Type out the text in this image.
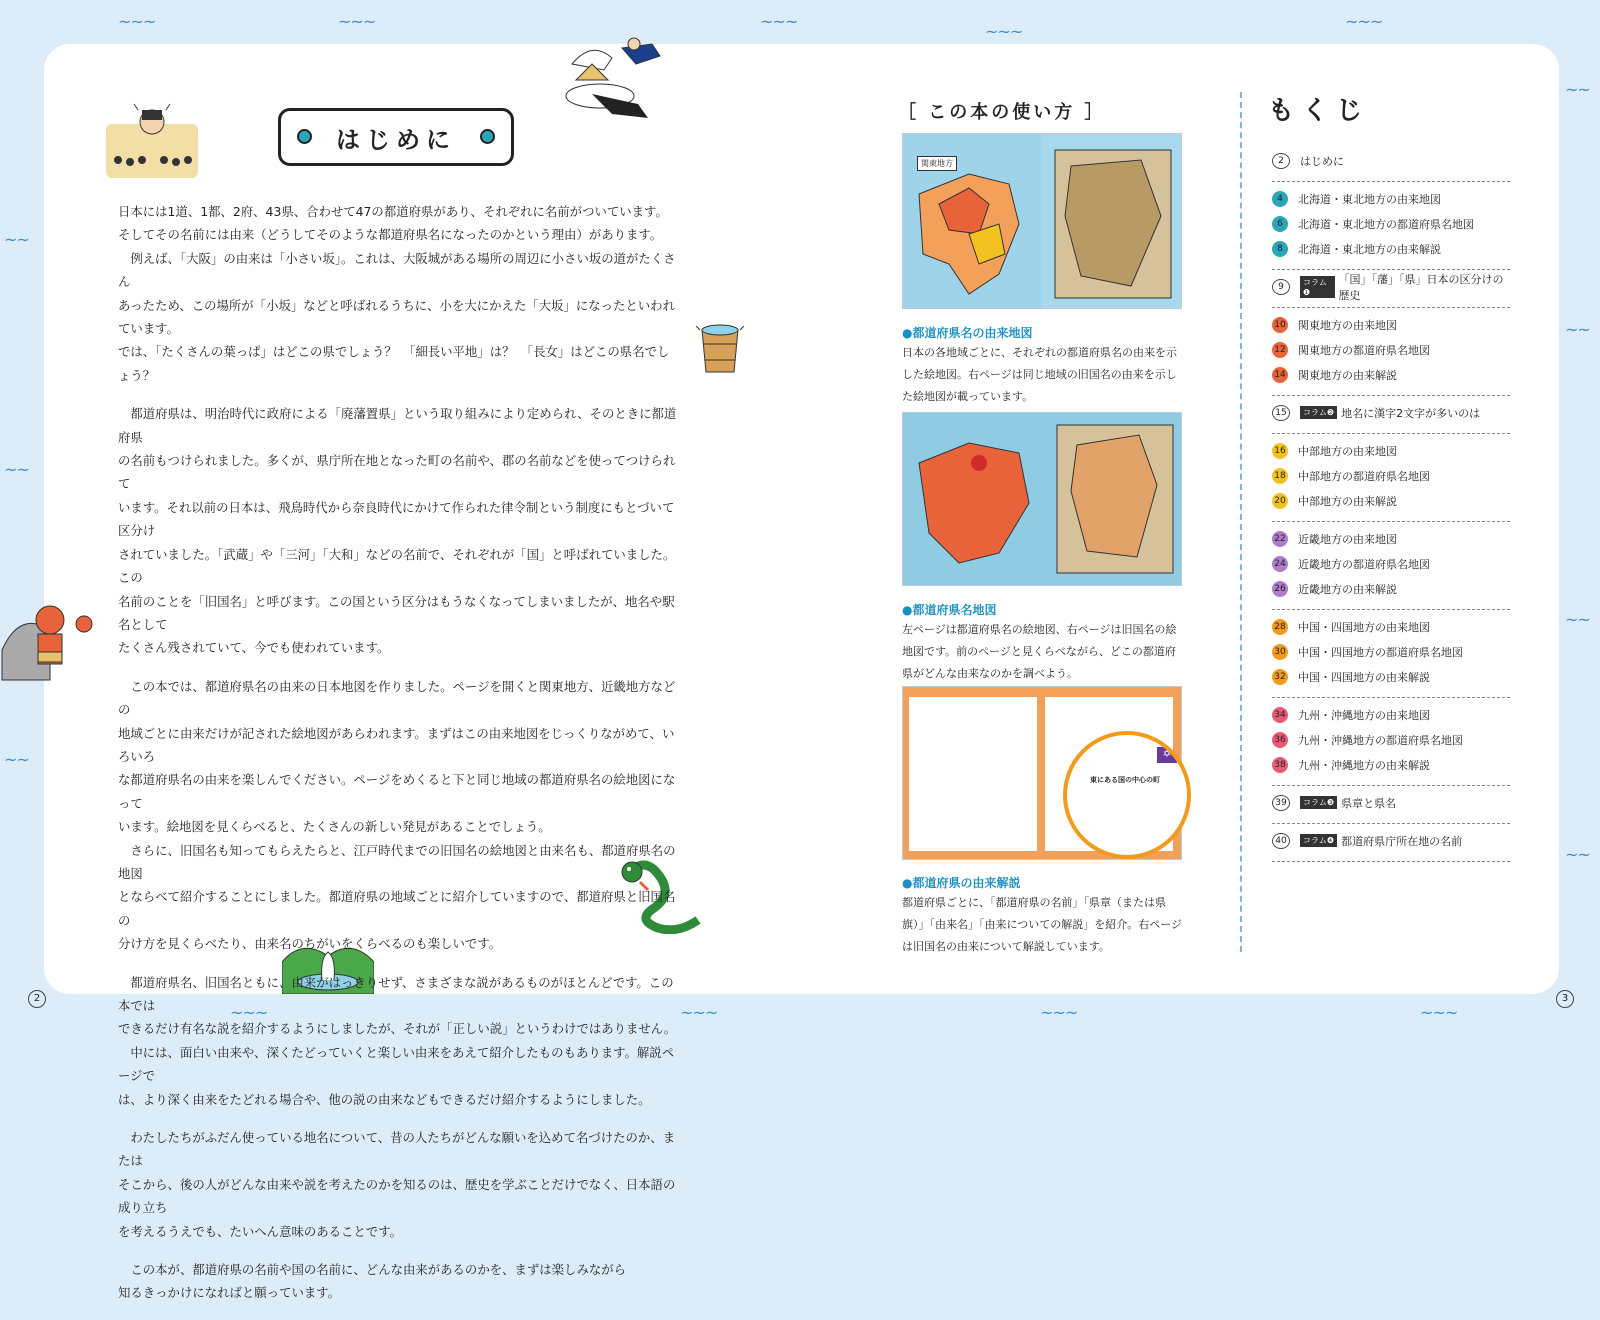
~~~	~~~	~~~
~~~
~~~
~~
~~
~~
~~
~~
~~
~~
~~~	~~~	~~~	~~~
2	3
はじめに

日本には1道、1都、2府、43県、合わせて47の都道府県があり、それぞれに名前がついています。
そしてその名前には由来（どうしてそのような都道府県名になったのかという理由）があります。
　例えば、「大阪」の由来は「小さい坂」。これは、大阪城がある場所の周辺に小さい坂の道がたくさん
あったため、この場所が「小坂」などと呼ばれるうちに、小を大にかえた「大坂」になったといわれています。
では、「たくさんの葉っぱ」はどこの県でしょう？　「細長い平地」は？　「長女」はどこの県名でしょう？

　都道府県は、明治時代に政府による「廃藩置県」という取り組みにより定められ、そのときに都道府県
の名前もつけられました。多くが、県庁所在地となった町の名前や、郡の名前などを使ってつけられて
います。それ以前の日本は、飛鳥時代から奈良時代にかけて作られた律令制という制度にもとづいて区分け
されていました。「武蔵」や「三河」「大和」などの名前で、それぞれが「国」と呼ばれていました。この
名前のことを「旧国名」と呼びます。この国という区分はもうなくなってしまいましたが、地名や駅名として
たくさん残されていて、今でも使われています。

　この本では、都道府県名の由来の日本地図を作りました。ページを開くと関東地方、近畿地方などの
地域ごとに由来だけが記された絵地図があらわれます。まずはこの由来地図をじっくりながめて、いろいろ
な都道府県名の由来を楽しんでください。ページをめくると下と同じ地域の都道府県名の絵地図になって
います。絵地図を見くらべると、たくさんの新しい発見があることでしょう。
　さらに、旧国名も知ってもらえたらと、江戸時代までの旧国名の絵地図と由来名も、都道府県名の地図
とならべて紹介することにしました。都道府県の地域ごとに紹介していますので、都道府県と旧国名の
分け方を見くらべたり、由来名のちがいをくらべるのも楽しいです。

　都道府県名、旧国名ともに、由来がはっきりせず、さまざまな説があるものがほとんどです。この本では
できるだけ有名な説を紹介するようにしましたが、それが「正しい説」というわけではありません。
　中には、面白い由来や、深くたどっていくと楽しい由来をあえて紹介したものもあります。解説ページで
は、より深く由来をたどれる場合や、他の説の由来などもできるだけ紹介するようにしました。

　わたしたちがふだん使っている地名について、昔の人たちがどんな願いを込めて名づけたのか、または
そこから、後の人がどんな由来や説を考えたのかを知るのは、歴史を学ぶことだけでなく、日本語の成り立ち
を考えるうえでも、たいへん意味のあることです。

　この本が、都道府県の名前や国の名前に、どんな由来があるのかを、まずは楽しみながら
知るきっかけになればと願っています。

［ この本の使い方 ］
関東地方
●都道府県名の由来地図
日本の各地域ごとに、それぞれの都道府県名の由来を示した絵地図。右ページは同じ地域の旧国名の由来を示した絵地図が載っています。
●都道府県名地図
左ページは都道府県名の絵地図、右ページは旧国名の絵地図です。前のページと見くらべながら、どこの都道府県がどんな由来なのかを調べよう。
東にある国の中心の町
✡
●都道府県の由来解説
都道府県ごとに、「都道府県の名前」「県章（または県旗）」「由来名」「由来についての解説」を紹介。右ページは旧国名の由来について解説しています。
もくじ
2	はじめに
4	北海道・東北地方の由来地図
6	北海道・東北地方の都道府県名地図
8	北海道・東北地方の由来解説
9	コラム❶
「国」「藩」「県」日本の区分けの歴史
10 関東地方の由来地図
12 関東地方の都道府県名地図
14 関東地方の由来解説
15	コラム❷ 地名に漢字2文字が多いのは
16 中部地方の由来地図
18 中部地方の都道府県名地図
20 中部地方の由来解説
22 近畿地方の由来地図
24 近畿地方の都道府県名地図
26 近畿地方の由来解説
28 中国・四国地方の由来地図
30 中国・四国地方の都道府県名地図
32 中国・四国地方の由来解説
34 九州・沖縄地方の由来地図
36 九州・沖縄地方の都道府県名地図
38 九州・沖縄地方の由来解説
39	コラム❸ 県章と県名
40	コラム❹ 都道府県庁所在地の名前
